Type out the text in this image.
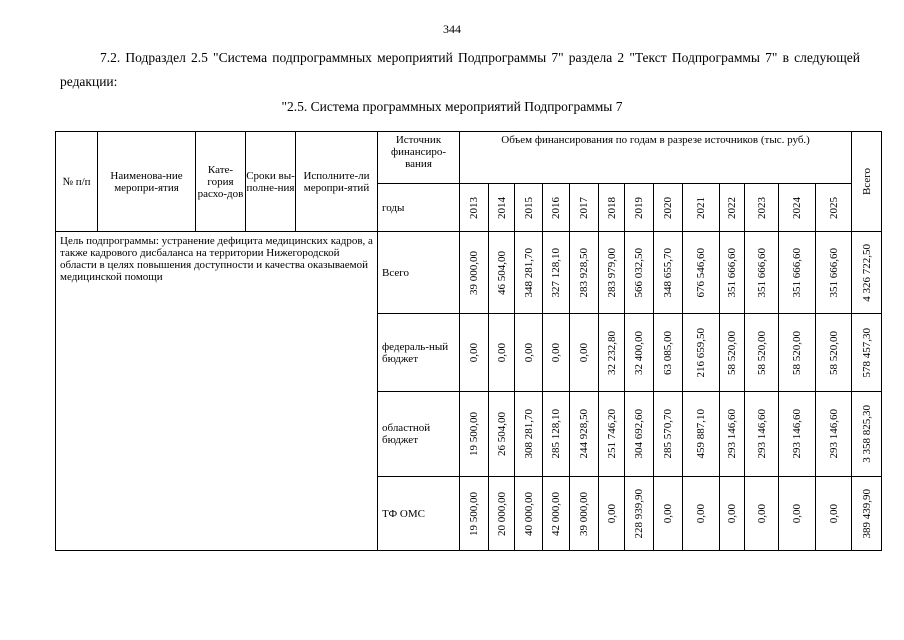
344
7.2. Подраздел 2.5 "Система подпрограммных мероприятий Подпрограммы 7" раздела 2 "Текст Подпрограммы 7" в следующей редакции:
"2.5. Система программных мероприятий Подпрограммы 7
№ п/п	Наименова-ние меропри-ятия	Катe-гория расхо-дов	Сроки вы-полне-ния	Исполните-ли меропри-ятий	Источник финансиро-вания	Объем финансирования по годам в разрезе источников (тыс. руб.)													Всего

					годы	2013	2014	2015	2016	2017	2018	2019	2020	2021	2022	2023	2024	2025	

Цель подпрограммы: устранение дефицита медицинских кадров, а также кадрового дисбаланса на территории Нижегородской области в целях повышения доступности и качества оказываемой медицинской помощи					Всего	39 000,00	46 504,00	348 281,70	327 128,10	283 928,50	283 979,00	566 032,50	348 655,70	676 546,60	351 666,60	351 666,60	351 666,60	351 666,60	4 326 722,50

					федераль-ный бюджет	0,00	0,00	0,00	0,00	0,00	32 232,80	32 400,00	63 085,00	216 659,50	58 520,00	58 520,00	58 520,00	58 520,00	578 457,30

					областной бюджет	19 500,00	26 504,00	308 281,70	285 128,10	244 928,50	251 746,20	304 692,60	285 570,70	459 887,10	293 146,60	293 146,60	293 146,60	293 146,60	3 358 825,30

					ТФ ОМС	19 500,00	20 000,00	40 000,00	42 000,00	39 000,00	0,00	228 939,90	0,00	0,00	0,00	0,00	0,00	0,00	389 439,90
